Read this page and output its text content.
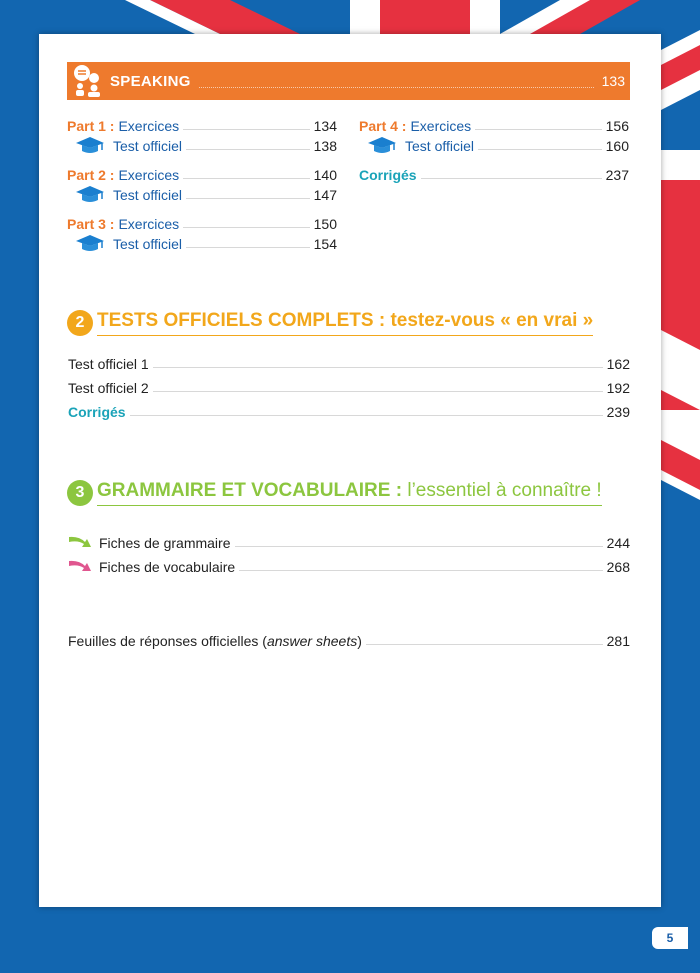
SPEAKING	133
Part 1 : Exercices	134
Test officiel	138
Part 2 : Exercices	140
Test officiel	147
Part 3 : Exercices	150
Test officiel	154
Part 4 : Exercices	156
Test officiel	160
Corrigés	237
2 TESTS OFFICIELS COMPLETS : testez-vous « en vrai »
Test officiel 1	162
Test officiel 2	192
Corrigés	239
3 GRAMMAIRE ET VOCABULAIRE : l’essentiel à connaître !
Fiches de grammaire	244
Fiches de vocabulaire	268
Feuilles de réponses officielles (answer sheets)	281
5
